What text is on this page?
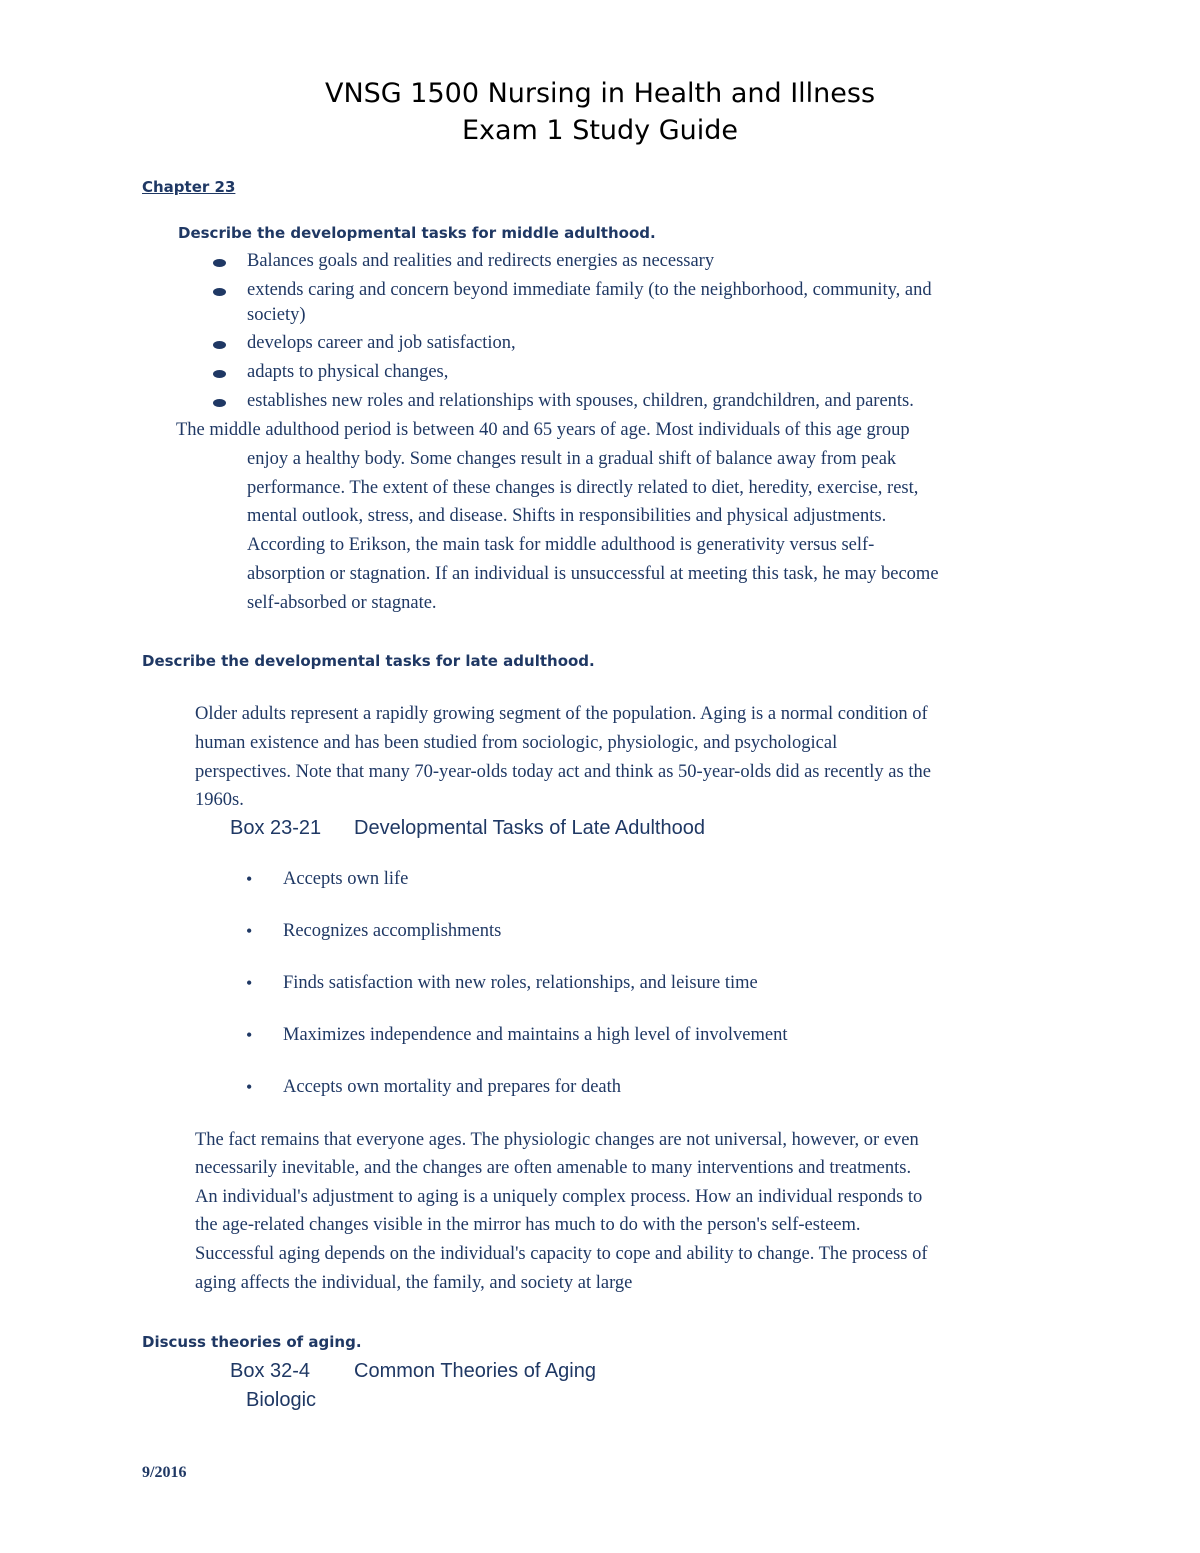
VNSG 1500 Nursing in Health and Illness
Exam 1 Study Guide
Chapter 23
Describe the developmental tasks for middle adulthood.
Balances goals and realities and redirects energies as necessary
extends caring and concern beyond immediate family (to the neighborhood, community, and
society)
develops career and job satisfaction,
adapts to physical changes,
establishes new roles and relationships with spouses, children, grandchildren, and parents.
The middle adulthood period is between 40 and 65 years of age. Most individuals of this age group
enjoy a healthy body. Some changes result in a gradual shift of balance away from peak
performance. The extent of these changes is directly related to diet, heredity, exercise, rest,
mental outlook, stress, and disease. Shifts in responsibilities and physical adjustments.
According to Erikson, the main task for middle adulthood is generativity versus self-
absorption or stagnation. If an individual is unsuccessful at meeting this task, he may become
self-absorbed or stagnate.
Describe the developmental tasks for late adulthood.
Older adults represent a rapidly growing segment of the population. Aging is a normal condition of
human existence and has been studied from sociologic, physiologic, and psychological
perspectives. Note that many 70-year-olds today act and think as 50-year-olds did as recently as the
1960s.
Box 23-21 Developmental Tasks of Late Adulthood
• Accepts own life
• Recognizes accomplishments
• Finds satisfaction with new roles, relationships, and leisure time
• Maximizes independence and maintains a high level of involvement
• Accepts own mortality and prepares for death
The fact remains that everyone ages. The physiologic changes are not universal, however, or even
necessarily inevitable, and the changes are often amenable to many interventions and treatments.
An individual's adjustment to aging is a uniquely complex process. How an individual responds to
the age-related changes visible in the mirror has much to do with the person's self-esteem.
Successful aging depends on the individual's capacity to cope and ability to change. The process of
aging affects the individual, the family, and society at large
Discuss theories of aging.
Box 32-4 Common Theories of Aging
Biologic
9/2016
